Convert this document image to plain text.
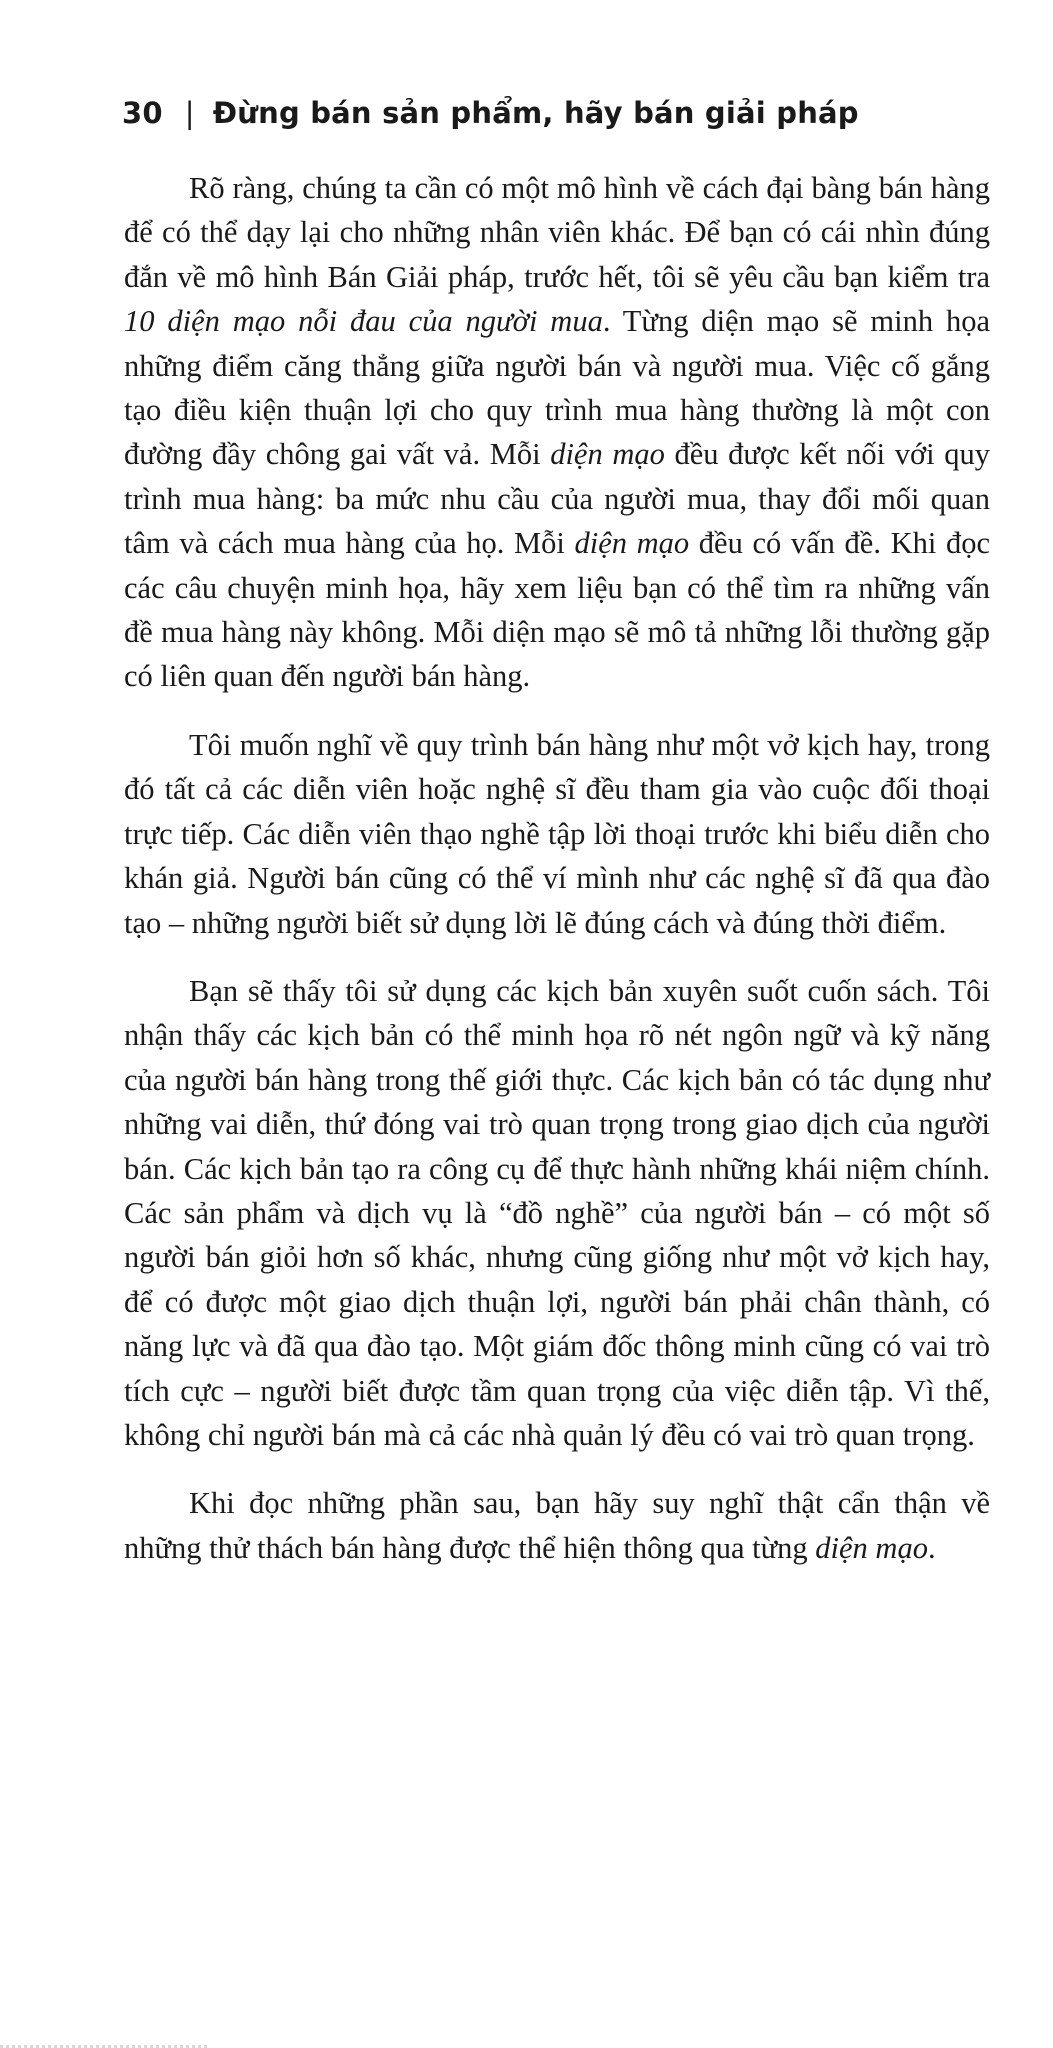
30 | Đừng bán sản phẩm, hãy bán giải pháp

Rõ ràng, chúng ta cần có một mô hình về cách đại bàng bán hàng để có thể dạy lại cho những nhân viên khác. Để bạn có cái nhìn đúng đắn về mô hình Bán Giải pháp, trước hết, tôi sẽ yêu cầu bạn kiểm tra 10 diện mạo nỗi đau của người mua. Từng diện mạo sẽ minh họa những điểm căng thẳng giữa người bán và người mua. Việc cố gắng tạo điều kiện thuận lợi cho quy trình mua hàng thường là một con đường đầy chông gai vất vả. Mỗi diện mạo đều được kết nối với quy trình mua hàng: ba mức nhu cầu của người mua, thay đổi mối quan tâm và cách mua hàng của họ. Mỗi diện mạo đều có vấn đề. Khi đọc các câu chuyện minh họa, hãy xem liệu bạn có thể tìm ra những vấn đề mua hàng này không. Mỗi diện mạo sẽ mô tả những lỗi thường gặp có liên quan đến người bán hàng.

Tôi muốn nghĩ về quy trình bán hàng như một vở kịch hay, trong đó tất cả các diễn viên hoặc nghệ sĩ đều tham gia vào cuộc đối thoại trực tiếp. Các diễn viên thạo nghề tập lời thoại trước khi biểu diễn cho khán giả. Người bán cũng có thể ví mình như các nghệ sĩ đã qua đào tạo – những người biết sử dụng lời lẽ đúng cách và đúng thời điểm.

Bạn sẽ thấy tôi sử dụng các kịch bản xuyên suốt cuốn sách. Tôi nhận thấy các kịch bản có thể minh họa rõ nét ngôn ngữ và kỹ năng của người bán hàng trong thế giới thực. Các kịch bản có tác dụng như những vai diễn, thứ đóng vai trò quan trọng trong giao dịch của người bán. Các kịch bản tạo ra công cụ để thực hành những khái niệm chính. Các sản phẩm và dịch vụ là “đồ nghề” của người bán – có một số người bán giỏi hơn số khác, nhưng cũng giống như một vở kịch hay, để có được một giao dịch thuận lợi, người bán phải chân thành, có năng lực và đã qua đào tạo. Một giám đốc thông minh cũng có vai trò tích cực – người biết được tầm quan trọng của việc diễn tập. Vì thế, không chỉ người bán mà cả các nhà quản lý đều có vai trò quan trọng.

Khi đọc những phần sau, bạn hãy suy nghĩ thật cẩn thận về những thử thách bán hàng được thể hiện thông qua từng diện mạo.
